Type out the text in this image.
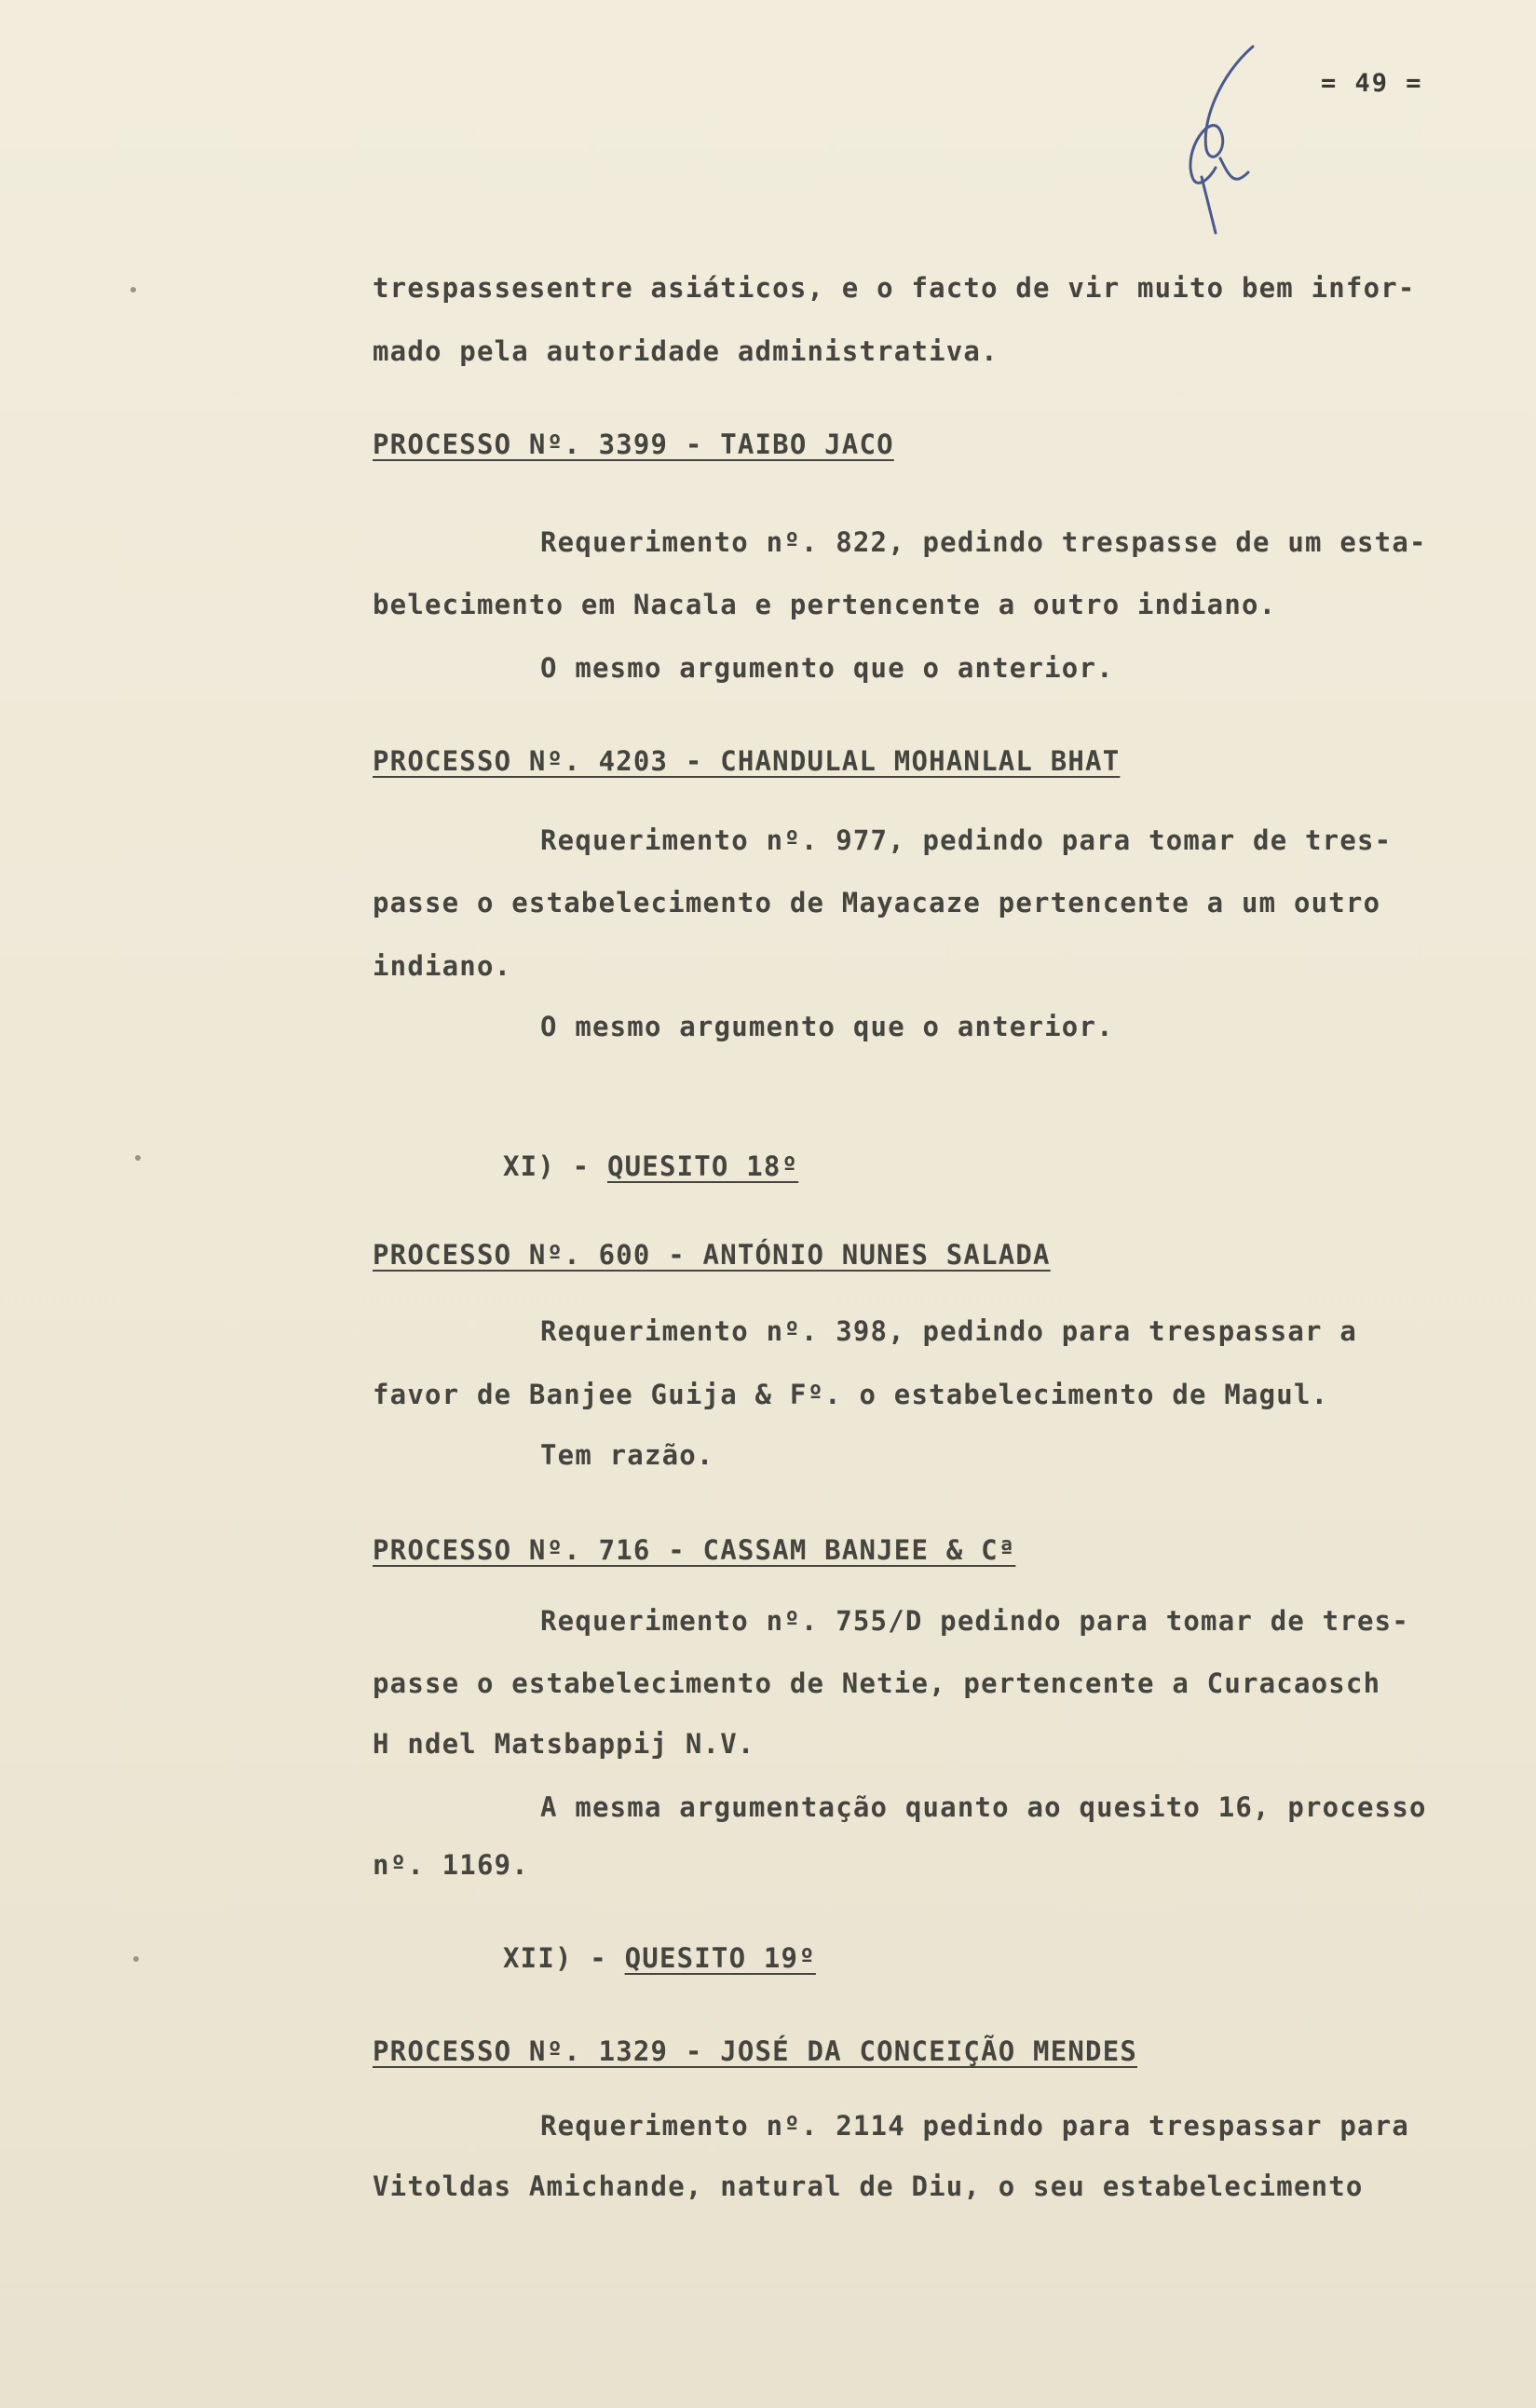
= 49 =
trespassesentre asiáticos, e o facto de vir muito bem infor-
mado pela autoridade administrativa.
PROCESSO Nº. 3399 - TAIBO JACO
Requerimento nº. 822, pedindo trespasse de um esta-
belecimento em Nacala e pertencente a outro indiano.
O mesmo argumento que o anterior.
PROCESSO Nº. 4203 - CHANDULAL MOHANLAL BHAT
Requerimento nº. 977, pedindo para tomar de tres-
passe o estabelecimento de Mayacaze pertencente a um outro
indiano.
O mesmo argumento que o anterior.
XI) - QUESITO 18º
PROCESSO Nº. 600 - ANTÓNIO NUNES SALADA
Requerimento nº. 398, pedindo para trespassar a
favor de Banjee Guija & Fº. o estabelecimento de Magul.
Tem razão.
PROCESSO Nº. 716 - CASSAM BANJEE & Cª
Requerimento nº. 755/D pedindo para tomar de tres-
passe o estabelecimento de Netie, pertencente a Curacaosch
H ndel Matsbappij N.V.
A mesma argumentação quanto ao quesito 16, processo
nº. 1169.
XII) - QUESITO 19º
PROCESSO Nº. 1329 - JOSÉ DA CONCEIÇÃO MENDES
Requerimento nº. 2114 pedindo para trespassar para
Vitoldas Amichande, natural de Diu, o seu estabelecimento
